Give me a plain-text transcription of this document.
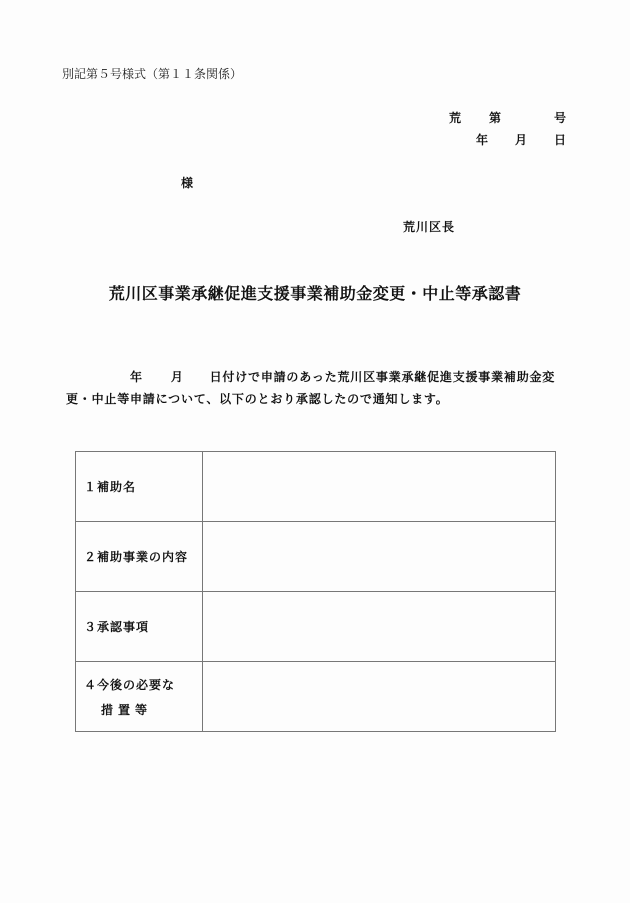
別記第５号様式（第１１条関係）
荒 第	号
年 月 日
様
荒川区長
荒川区事業承継促進支援事業補助金変更・中止等承認書
年 月 日付けで申請のあった荒川区事業承継促進支援事業補助金変
更・中止等申請について、以下のとおり承認したので通知します。
１補助名	
２補助事業の内容	
３承認事項	
４今後の必要な
措置等	
